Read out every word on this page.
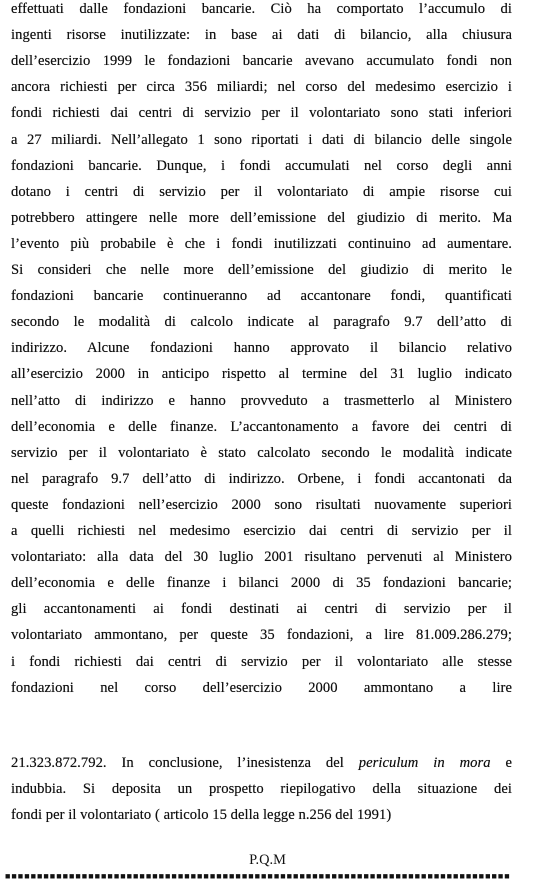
effettuati dalle fondazioni bancarie. Ciò ha comportato l’accumulo di
ingenti risorse inutilizzate: in base ai dati di bilancio, alla chiusura
dell’esercizio 1999 le fondazioni bancarie avevano accumulato fondi non
ancora richiesti per circa 356 miliardi; nel corso del medesimo esercizio i
fondi richiesti dai centri di servizio per il volontariato sono stati inferiori
a 27 miliardi. Nell’allegato 1 sono riportati i dati di bilancio delle singole
fondazioni bancarie. Dunque, i fondi accumulati nel corso degli anni
dotano i centri di servizio per il volontariato di ampie risorse cui
potrebbero attingere nelle more dell’emissione del giudizio di merito. Ma
l’evento più probabile è che i fondi inutilizzati continuino ad aumentare.
Si consideri che nelle more dell’emissione del giudizio di merito le
fondazioni bancarie continueranno ad accantonare fondi, quantificati
secondo le modalità di calcolo indicate al paragrafo 9.7 dell’atto di
indirizzo. Alcune fondazioni hanno approvato il bilancio relativo
all’esercizio 2000 in anticipo rispetto al termine del 31 luglio indicato
nell’atto di indirizzo e hanno provveduto a trasmetterlo al Ministero
dell’economia e delle finanze. L’accantonamento a favore dei centri di
servizio per il volontariato è stato calcolato secondo le modalità indicate
nel paragrafo 9.7 dell’atto di indirizzo. Orbene, i fondi accantonati da
queste fondazioni nell’esercizio 2000 sono risultati nuovamente superiori
a quelli richiesti nel medesimo esercizio dai centri di servizio per il
volontariato: alla data del 30 luglio 2001 risultano pervenuti al Ministero
dell’economia e delle finanze i bilanci 2000 di 35 fondazioni bancarie;
gli accantonamenti ai fondi destinati ai centri di servizio per il
volontariato ammontano, per queste 35 fondazioni, a lire 81.009.286.279;
i fondi richiesti dai centri di servizio per il volontariato alle stesse
fondazioni nel corso dell’esercizio 2000 ammontano a lire
21.323.872.792. In conclusione, l’inesistenza del periculum in mora e
indubbia. Si deposita un prospetto riepilogativo della situazione dei
fondi per il volontariato ( articolo 15 della legge n.256 del 1991)
P.Q.M
■■■■■■■■■■■■■■■■■■■■■■■■■■■■■■■■■■■■■■■■■■■■■■■■■■■■■■■■■■■■■■■■■■■■■■■■■■■■■■■
